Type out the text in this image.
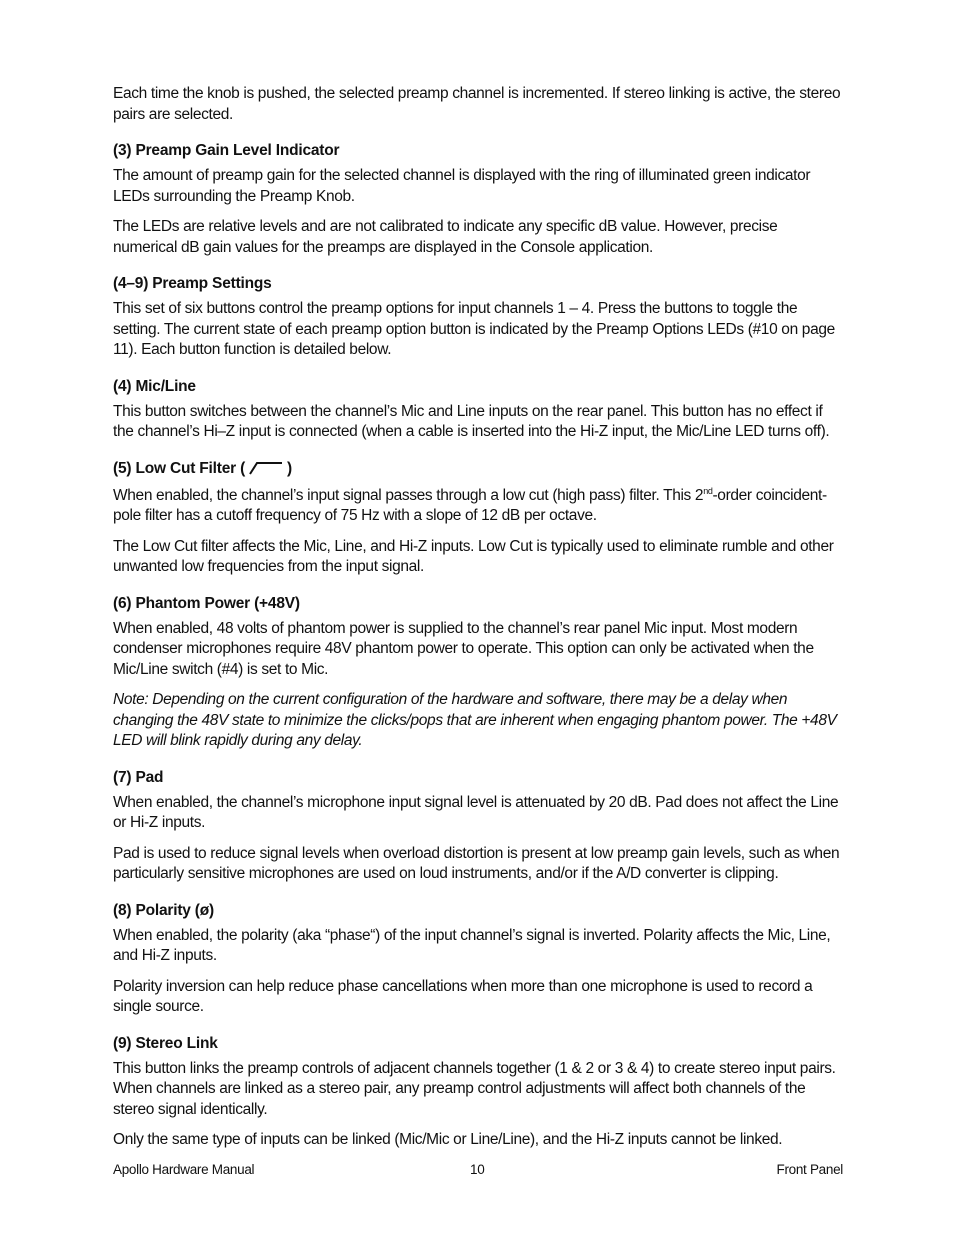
Each time the knob is pushed, the selected preamp channel is incremented. If stereo linking is active, the stereo pairs are selected.

(3) Preamp Gain Level Indicator

The amount of preamp gain for the selected channel is displayed with the ring of illuminated green indicator LEDs surrounding the Preamp Knob.

The LEDs are relative levels and are not calibrated to indicate any specific dB value. However, precise numerical dB gain values for the preamps are displayed in the Console application.

(4–9) Preamp Settings

This set of six buttons control the preamp options for input channels 1 – 4. Press the buttons to toggle the setting. The current state of each preamp option button is indicated by the Preamp Options LEDs (#10 on page 11). Each button function is detailed below.

(4) Mic/Line

This button switches between the channel’s Mic and Line inputs on the rear panel. This button has no effect if the channel’s Hi–Z input is connected (when a cable is inserted into the Hi-Z input, the Mic/Line LED turns off).

(5) Low Cut Filter (	)

When enabled, the channel’s input signal passes through a low cut (high pass) filter. This 2nd-order coincident-pole filter has a cutoff frequency of 75 Hz with a slope of 12 dB per octave.

The Low Cut filter affects the Mic, Line, and Hi-Z inputs. Low Cut is typically used to eliminate rumble and other unwanted low frequencies from the input signal.

(6) Phantom Power (+48V)

When enabled, 48 volts of phantom power is supplied to the channel’s rear panel Mic input. Most modern condenser microphones require 48V phantom power to operate. This option can only be activated when the Mic/Line switch (#4) is set to Mic.

Note: Depending on the current configuration of the hardware and software, there may be a delay when changing the 48V state to minimize the clicks/pops that are inherent when engaging phantom power. The +48V LED will blink rapidly during any delay.

(7) Pad

When enabled, the channel’s microphone input signal level is attenuated by 20 dB. Pad does not affect the Line or Hi-Z inputs.

Pad is used to reduce signal levels when overload distortion is present at low preamp gain levels, such as when particularly sensitive microphones are used on loud instruments, and/or if the A/D converter is clipping.

(8) Polarity (ø)

When enabled, the polarity (aka “phase“) of the input channel’s signal is inverted. Polarity affects the Mic, Line, and Hi-Z inputs.

Polarity inversion can help reduce phase cancellations when more than one microphone is used to record a single source.

(9) Stereo Link

This button links the preamp controls of adjacent channels together (1 & 2 or 3 & 4) to create stereo input pairs. When channels are linked as a stereo pair, any preamp control adjustments will affect both channels of the stereo signal identically.

Only the same type of inputs can be linked (Mic/Mic or Line/Line), and the Hi-Z inputs cannot be linked.

Apollo Hardware Manual	10	Front Panel
